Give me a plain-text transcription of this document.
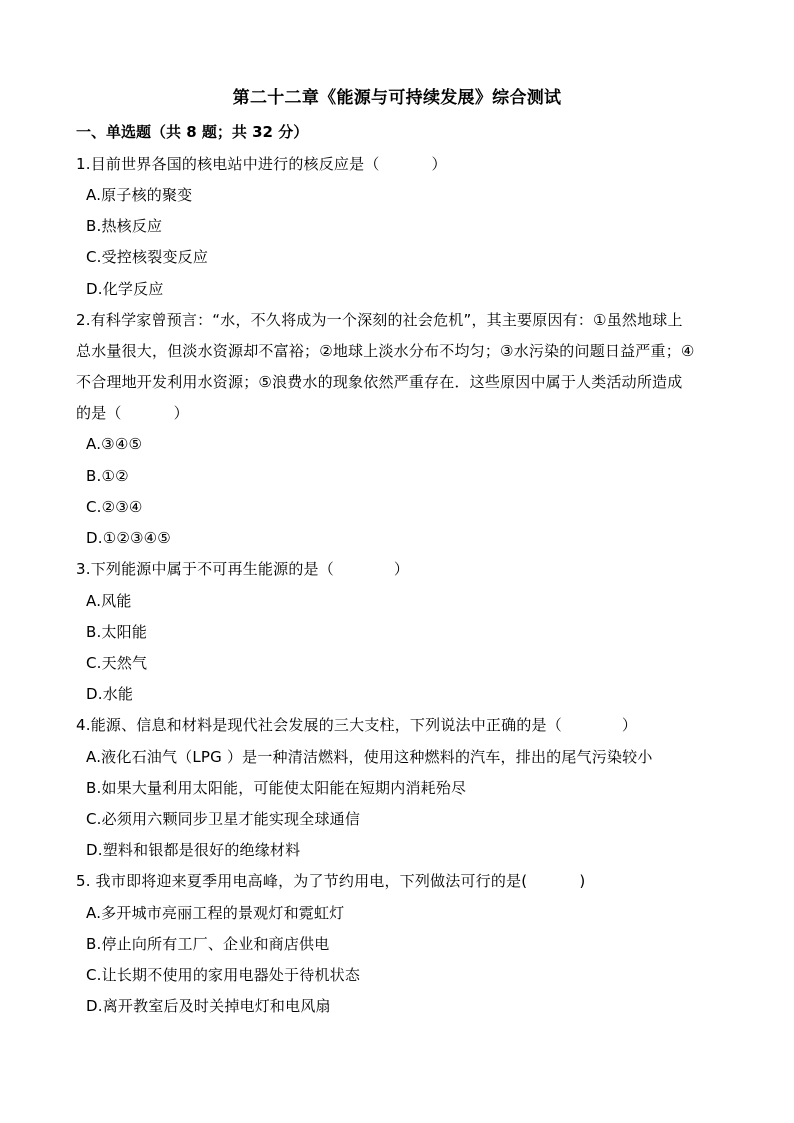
第二十二章《能源与可持续发展》综合测试
一、单选题（共 8 题；共 32 分）
1.目前世界各国的核电站中进行的核反应是（	）
A.原子核的聚变
B.热核反应
C.受控核裂变反应
D.化学反应
2.有科学家曾预言：“水，不久将成为一个深刻的社会危机”，其主要原因有：①虽然地球上
总水量很大，但淡水资源却不富裕；②地球上淡水分布不均匀；③水污染的问题日益严重；④
不合理地开发利用水资源；⑤浪费水的现象依然严重存在．这些原因中属于人类活动所造成
的是（	）
A.③④⑤
B.①②
C.②③④
D.①②③④⑤
3.下列能源中属于不可再生能源的是（	）
A.风能
B.太阳能
C.天然气
D.水能
4.能源、信息和材料是现代社会发展的三大支柱，下列说法中正确的是（	）
A.液化石油气（LPG ）是一种清洁燃料，使用这种燃料的汽车，排出的尾气污染较小
B.如果大量利用太阳能，可能使太阳能在短期内消耗殆尽
C.必须用六颗同步卫星才能实现全球通信
D.塑料和银都是很好的绝缘材料
5. 我市即将迎来夏季用电高峰，为了节约用电，下列做法可行的是(	)
A.多开城市亮丽工程的景观灯和霓虹灯
B.停止向所有工厂、企业和商店供电
C.让长期不使用的家用电器处于待机状态
D.离开教室后及时关掉电灯和电风扇
